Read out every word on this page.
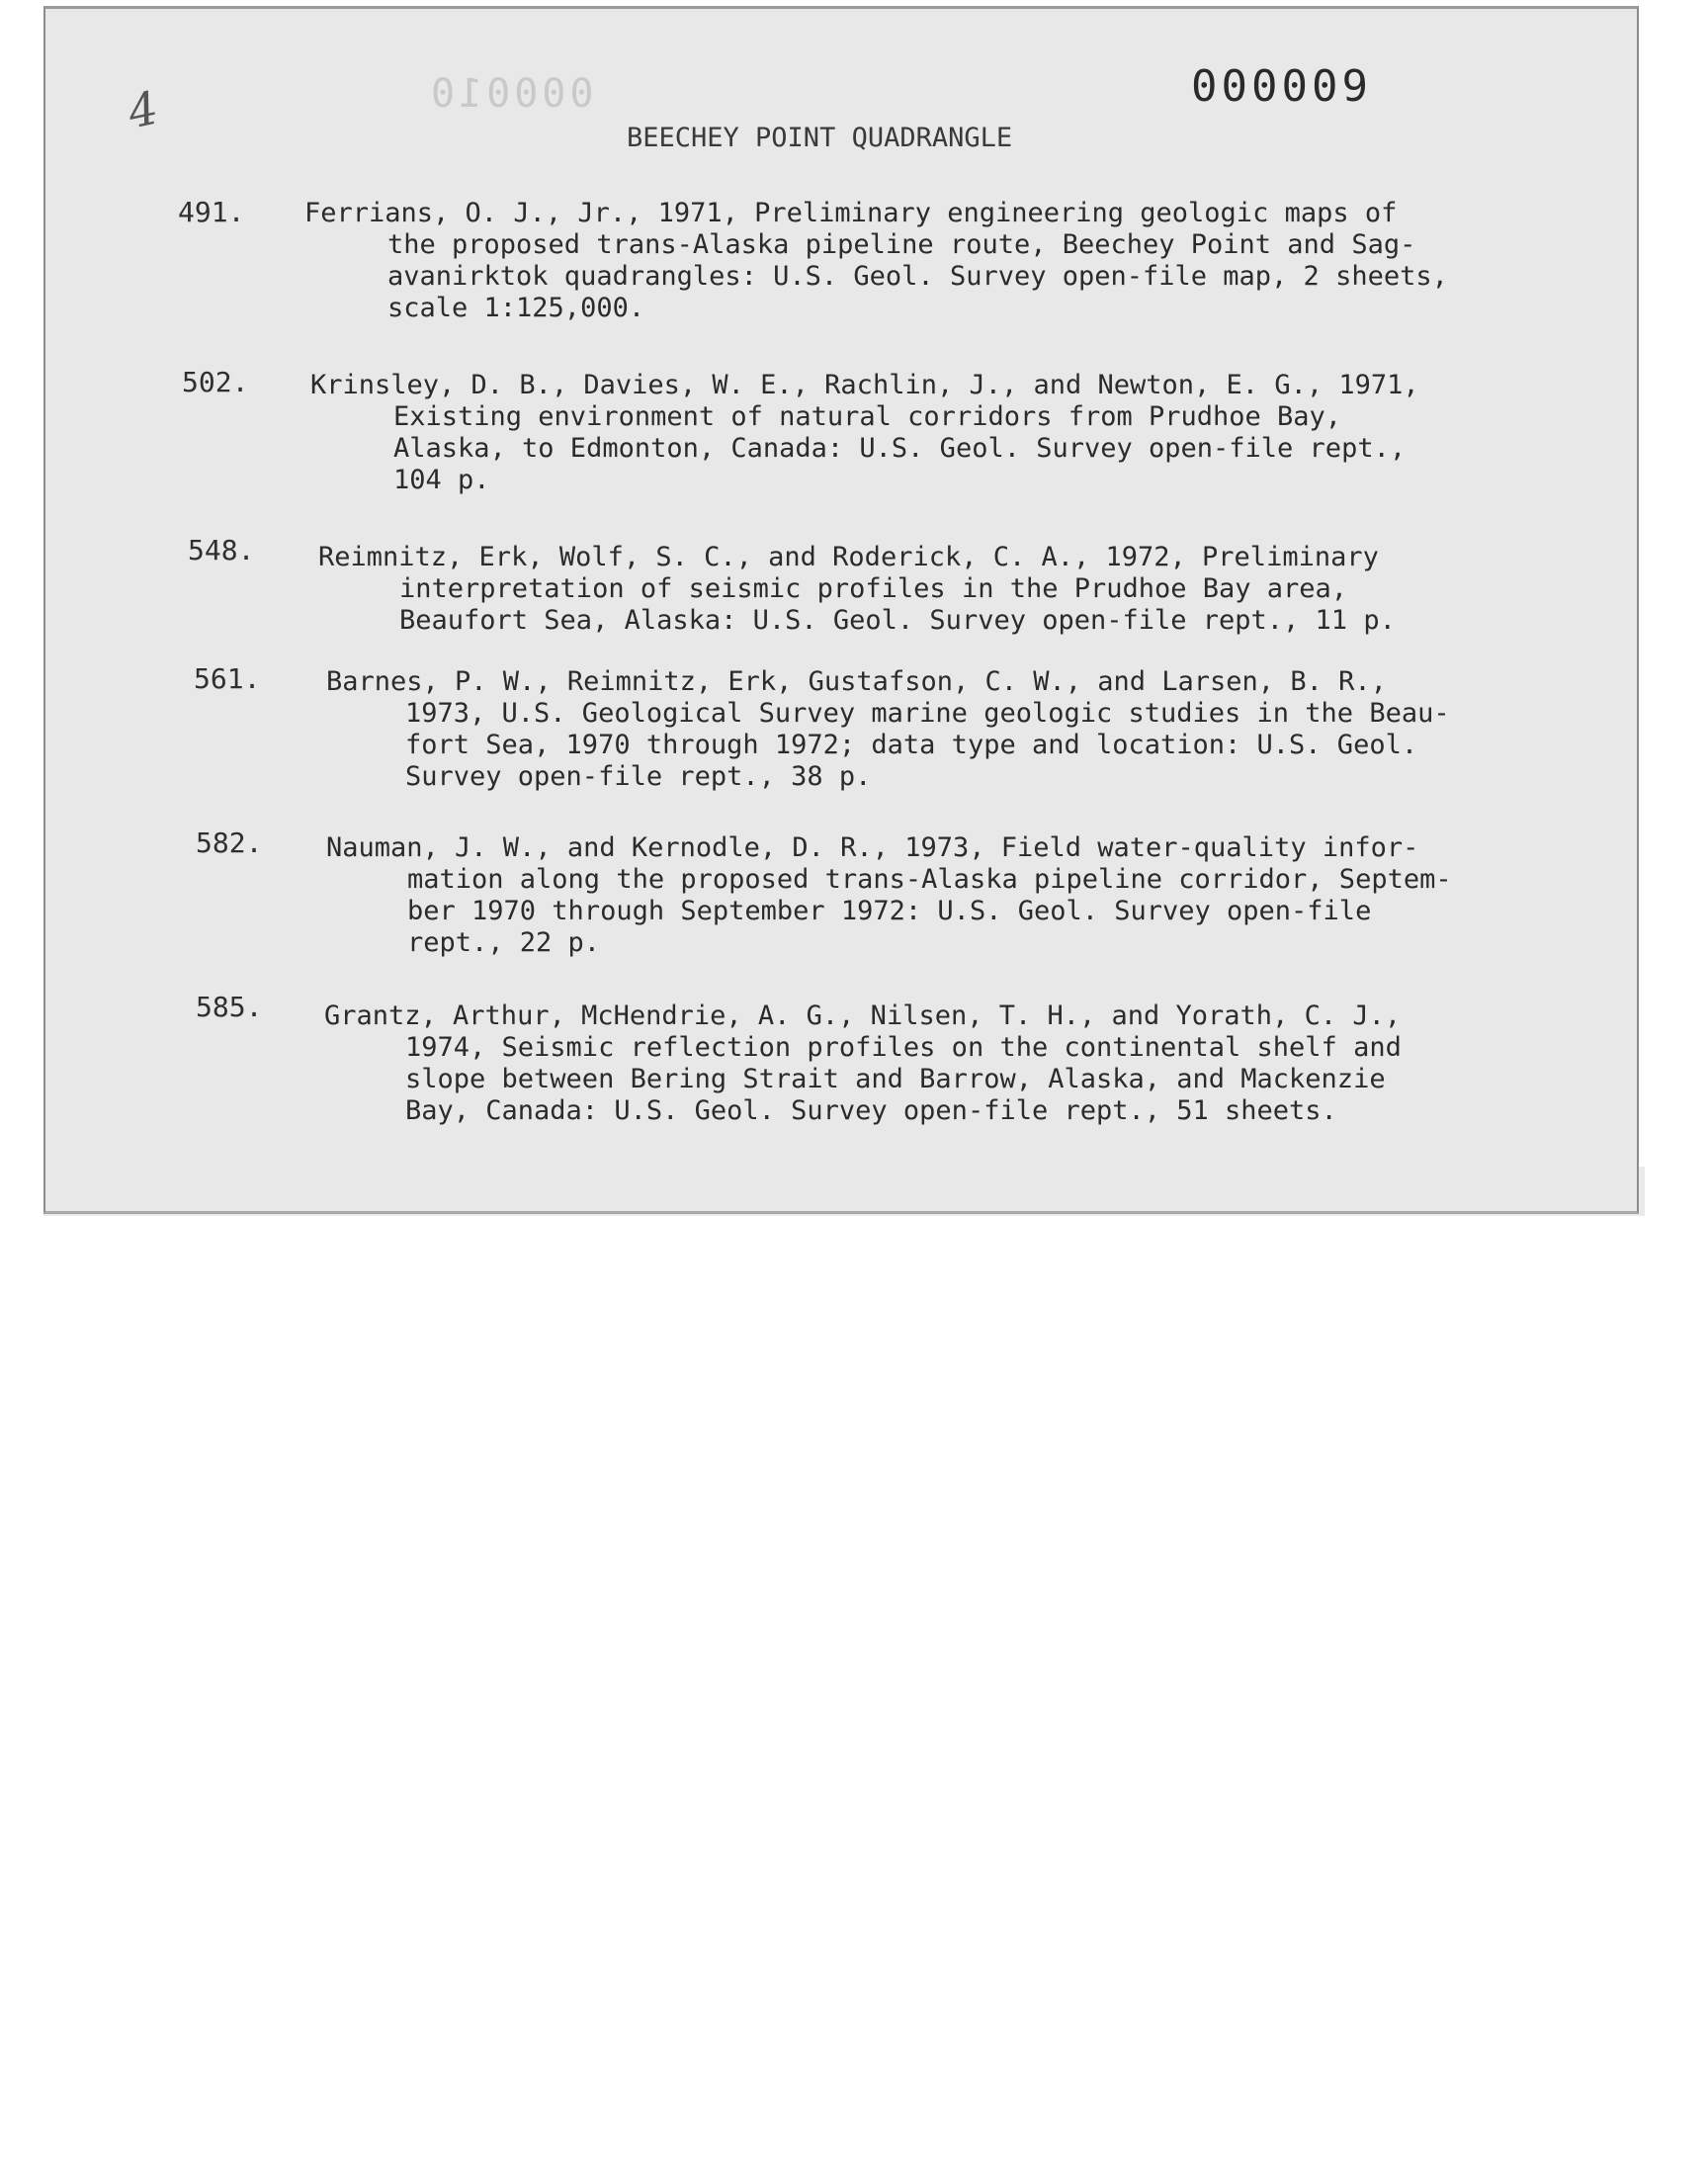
000010	000009
4	BEECHEY POINT QUADRANGLE
491. Ferrians, O. J., Jr., 1971, Preliminary engineering geologic maps of
the proposed trans-Alaska pipeline route, Beechey Point and Sag-
avanirktok quadrangles: U.S. Geol. Survey open-file map, 2 sheets,
scale 1:125,000.
502. Krinsley, D. B., Davies, W. E., Rachlin, J., and Newton, E. G., 1971,
Existing environment of natural corridors from Prudhoe Bay,
Alaska, to Edmonton, Canada: U.S. Geol. Survey open-file rept.,
104 p.
548. Reimnitz, Erk, Wolf, S. C., and Roderick, C. A., 1972, Preliminary
interpretation of seismic profiles in the Prudhoe Bay area,
Beaufort Sea, Alaska: U.S. Geol. Survey open-file rept., 11 p.
561. Barnes, P. W., Reimnitz, Erk, Gustafson, C. W., and Larsen, B. R.,
1973, U.S. Geological Survey marine geologic studies in the Beau-
fort Sea, 1970 through 1972; data type and location: U.S. Geol.
Survey open-file rept., 38 p.
582. Nauman, J. W., and Kernodle, D. R., 1973, Field water-quality infor-
mation along the proposed trans-Alaska pipeline corridor, Septem-
ber 1970 through September 1972: U.S. Geol. Survey open-file
rept., 22 p.
585. Grantz, Arthur, McHendrie, A. G., Nilsen, T. H., and Yorath, C. J.,
1974, Seismic reflection profiles on the continental shelf and
slope between Bering Strait and Barrow, Alaska, and Mackenzie
Bay, Canada: U.S. Geol. Survey open-file rept., 51 sheets.
